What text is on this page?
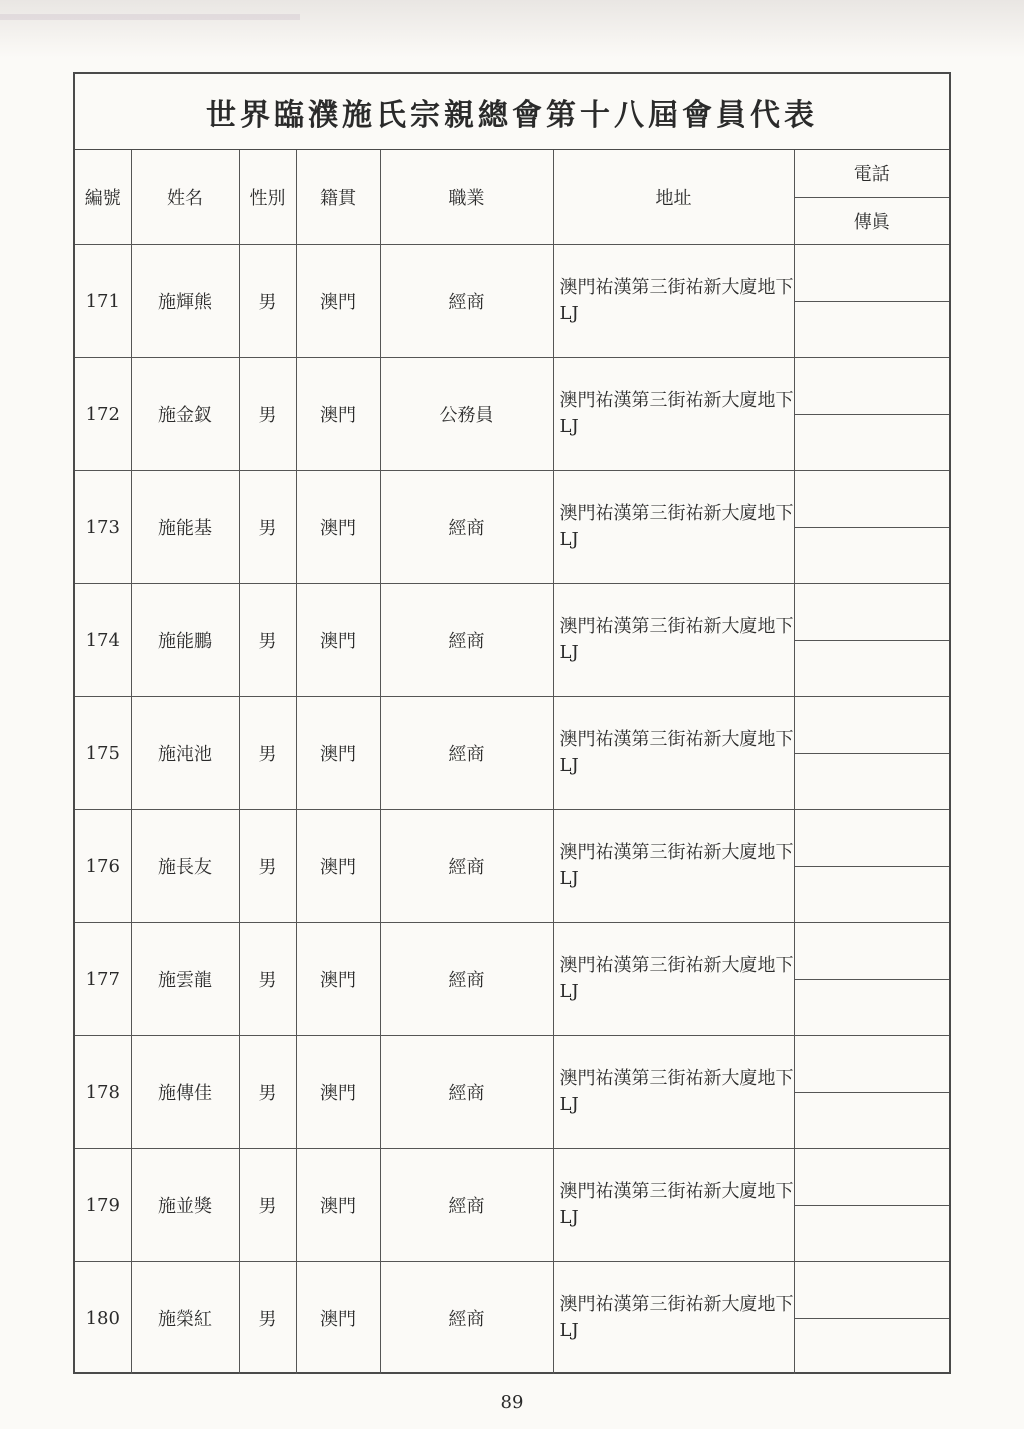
世界臨濮施氏宗親總會第十八屆會員代表
編號	姓名	性別	籍貫	職業	地址	電話
傳眞

171	施輝熊	男	澳門	經商	澳門祐漢第三街祐新大廈地下LJ	

172	施金釵	男	澳門	公務員	澳門祐漢第三街祐新大廈地下LJ	

173	施能基	男	澳門	經商	澳門祐漢第三街祐新大廈地下LJ	

174	施能鵬	男	澳門	經商	澳門祐漢第三街祐新大廈地下LJ	

175	施沌池	男	澳門	經商	澳門祐漢第三街祐新大廈地下LJ	

176	施長友	男	澳門	經商	澳門祐漢第三街祐新大廈地下LJ	

177	施雲龍	男	澳門	經商	澳門祐漢第三街祐新大廈地下LJ	

178	施傳佳	男	澳門	經商	澳門祐漢第三街祐新大廈地下LJ	

179	施並獎	男	澳門	經商	澳門祐漢第三街祐新大廈地下LJ	

180	施榮紅	男	澳門	經商	澳門祐漢第三街祐新大廈地下LJ	
89
